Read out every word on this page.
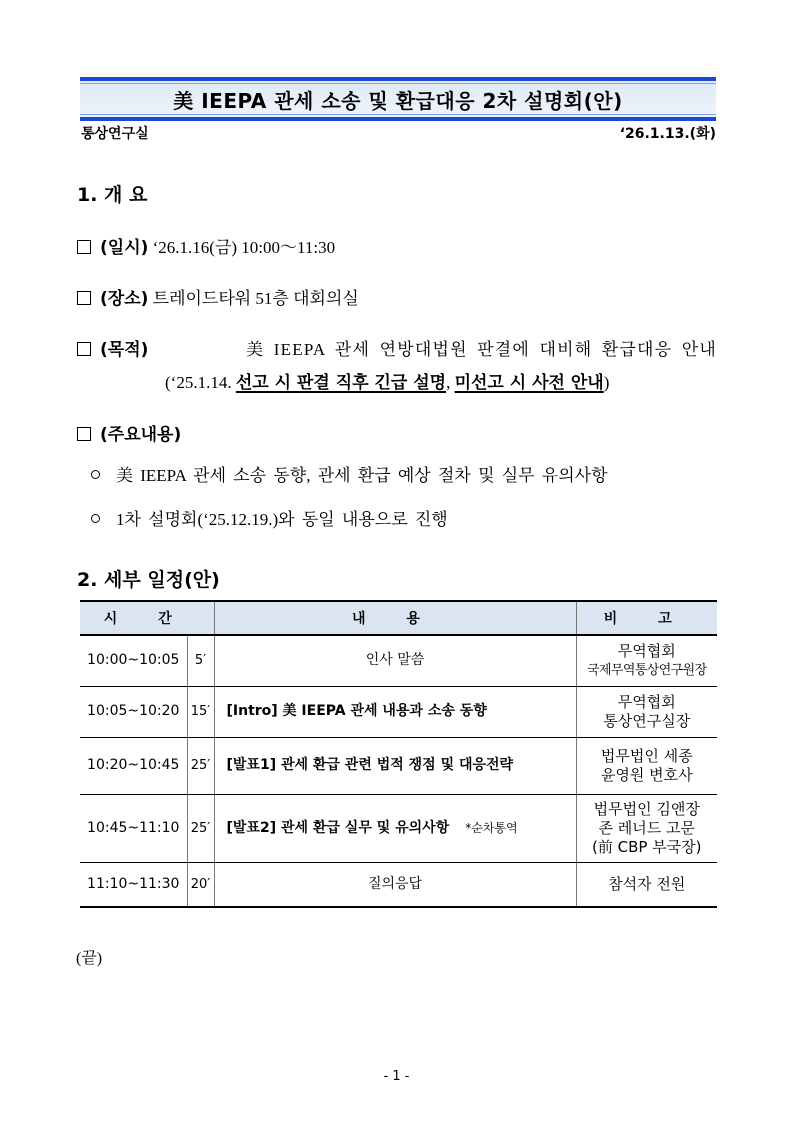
美 IEEPA 관세 소송 및 환급대응 2차 설명회(안)
통상연구실	‘26.1.13.(화)
1. 개 요
(일시) ‘26.1.16(금) 10:00～11:30
(장소) 트레이드타워 51층 대회의실
(목적)	美 IEEPA 관세 연방대법원 판결에 대비해 환급대응 안내
(‘25.1.14. 선고 시 판결 직후 긴급 설명, 미선고 시 사전 안내)
(주요내용)
美 IEEPA 관세 소송 동향, 관세 환급 예상 절차 및 실무 유의사항
1차 설명회(‘25.12.19.)와 동일 내용으로 진행
2. 세부 일정(안)
시 간		내 용	비 고
10:00~10:05	5′	인사 말씀	무역협회
국제무역통상연구원장

10:05~10:20	15′	[Intro] 美 IEEPA 관세 내용과 소송 동향	무역협회
통상연구실장

10:20~10:45	25′	[발표1] 관세 환급 관련 법적 쟁점 및 대응전략	법무법인 세종
윤영원 변호사

10:45~11:10	25′	[발표2] 관세 환급 실무 및 유의사항 *순차통역	법무법인 김앤장
존 레너드 고문
(前 CBP 부국장)

11:10~11:30	20′	질의응답	참석자 전원
(끝)
- 1 -
